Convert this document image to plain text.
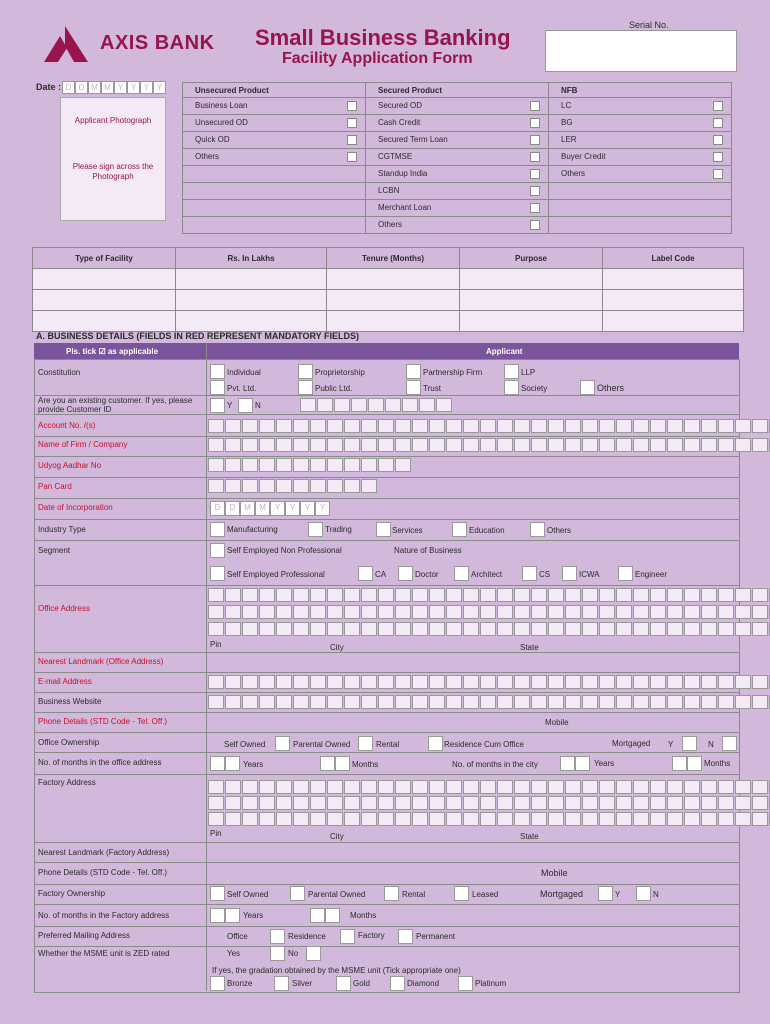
AXIS BANK Small Business Banking
Facility Application Form
Serial No.
Date : D D M M Y Y Y Y
Applicant Photograph
Please sign across the Photograph
Unsecured Product	Secured Product	NFB
Business Loan	Secured OD	LC

Unsecured OD	Cash Credit	BG

Quick OD	Secured Term Loan	LER

Others	CGTMSE	Buyer Credit

	Standup India	Others

	LCBN

	Merchant Loan

	Others

Type of Facility	Rs. In Lakhs	Tenure (Months)	Purpose	Label Code

A. BUSINESS DETAILS (FIELDS IN RED REPRESENT MANDATORY FIELDS)
Pls. tick ☑ as applicable	Applicant
Constitution	Individual	Proprietorship	Partnership Firm	LLP
Pvt. Ltd.	Public Ltd.	Trust	Society	Others
Are you an existing customer. If yes, please provide Customer ID	Y	N
Account No. /(s)
Name of Firm / Company
Udyog Aadhar No
Pan Card
Date of Incorporation	D	D	M	M	Y	Y	Y	Y
Industry Type	Manufacturing	Trading	Services	Education	Others
Segment	Self Employed Non Professional	Nature of Business
Self Employed Professional	CA	Doctor	Architect	CS	ICWA	Engineer
Office Address
Pin	City	State
Nearest Landmark (Office Address)
E-mail Address
Business Website
Phone Details (STD Code - Tel. Off.)	Mobile
Office Ownership	Self Owned	Parental Owned	Rental	Residence Cum Office	Mortgaged Y	N
No. of months in the office address	Years	Months	No. of months in the city	Years	Months
Factory Address
Pin	City	State
Nearest Landmark (Factory Address)
Phone Details (STD Code - Tel. Off.)	Mobile
Factory Ownership	Self Owned	Parental Owned	Rental	Leased	Mortgaged	Y	N
No. of months in the Factory address	Years	Months
Preferred Mailing Address	Office	Residence	Factory	Permanent
Whether the MSME unit is ZED rated	Yes	No
If yes, the gradation obtained by the MSME unit (Tick appropriate one)
Bronze	Silver	Gold	Diamond	Platinum
